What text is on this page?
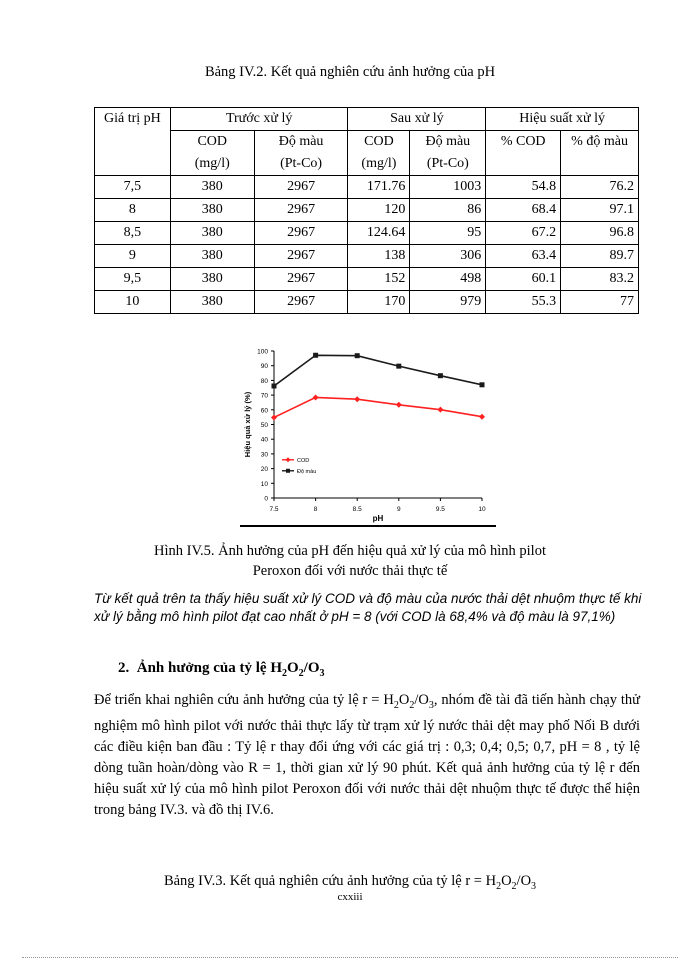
Bảng IV.2. Kết quả nghiên cứu ảnh hưởng của pH
Giá trị pH	Trước xử lý		Sau xử lý		Hiệu suất xử lý	
	COD	Độ màu	COD	Độ màu	% COD	% độ màu
	(mg/l)	(Pt-Co)	(mg/l)	(Pt-Co)		
7,5	380	2967	171.76	1003	54.8	76.2
8	380	2967	120	86	68.4	97.1
8,5	380	2967	124.64	95	67.2	96.8
9	380	2967	138	306	63.4	89.7
9,5	380	2967	152	498	60.1	83.2
10	380	2967	170	979	55.3	77
0
10
20
30
40
50
60
70
80
90
100
7.5	8	8.5	9	9.5	10
pH
Hiệu quả xử lý (%)
COD
Độ màu
Hình IV.5. Ảnh hưởng của pH đến hiệu quả xử lý của mô hình pilot
Peroxon đối với nước thải thực tế
Từ kết quả trên ta thấy hiệu suất xử lý COD và độ màu của nước thải dệt nhuộm thực tế khi xử lý bằng mô hình pilot đạt cao nhất ở pH = 8 (với COD là 68,4% và độ màu là 97,1%)
2. Ảnh hưởng của tỷ lệ $H_2O_2/O_3$
Để triển khai nghiên cứu ảnh hưởng của tỷ lệ $r = H_2O_2/O_3$, nhóm đề tài đã tiến hành chạy thử nghiệm mô hình pilot với nước thải thực lấy từ trạm xử lý nước thải dệt may phố Nối B dưới các điều kiện ban đầu : Tỷ lệ r thay đổi ứng với các giá trị : 0,3; 0,4; 0,5; 0,7, pH = 8 , tỷ lệ dòng tuần hoàn/dòng vào R = 1, thời gian xử lý 90 phút. Kết quả ảnh hưởng của tỷ lệ r đến hiệu suất xử lý của mô hình pilot Peroxon đối với nước thải dệt nhuộm thực tế được thể hiện trong bảng IV.3. và đồ thị IV.6.
Bảng IV.3. Kết quả nghiên cứu ảnh hưởng của tỷ lệ $r = H_2O_2/O_3$
cxxiii
